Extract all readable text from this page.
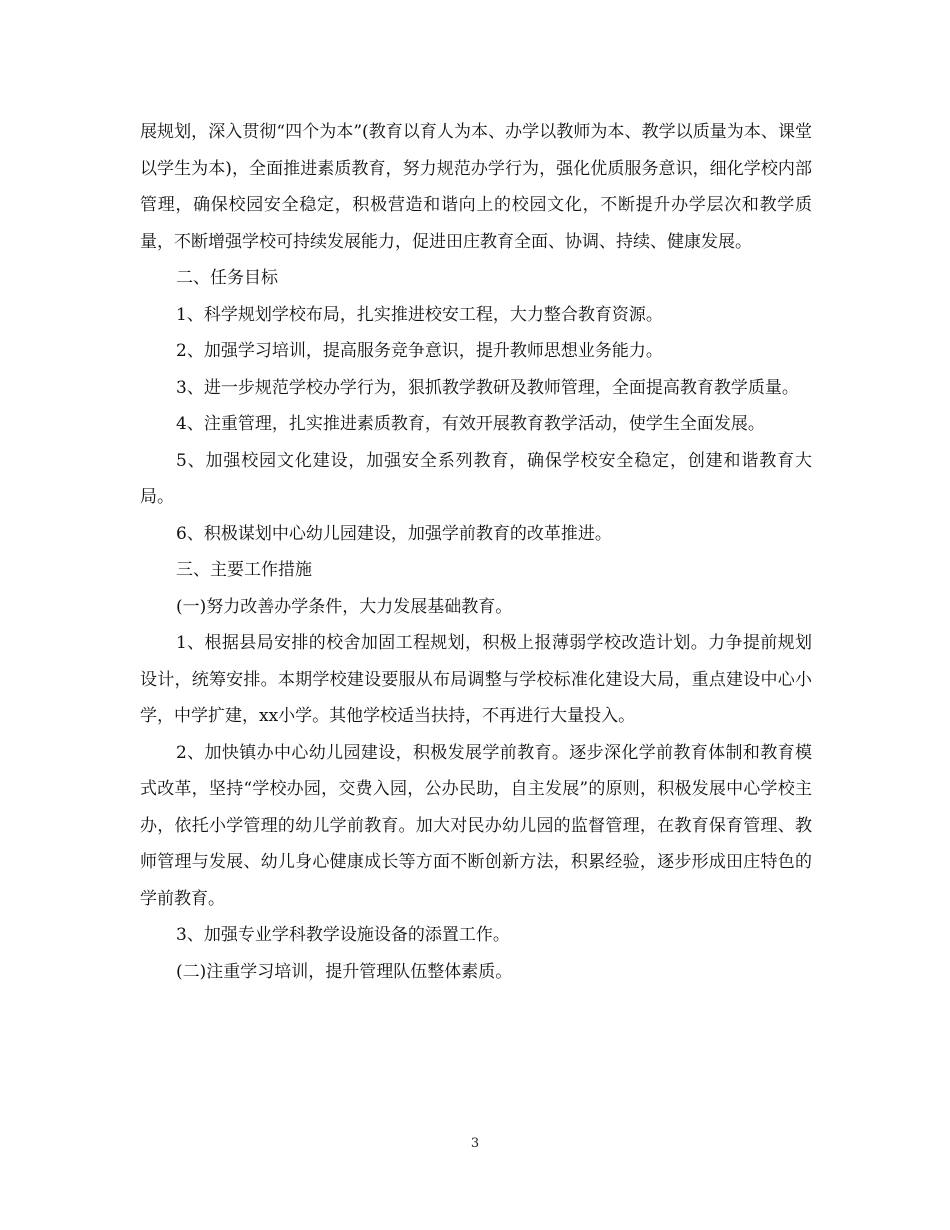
展规划，深入贯彻“四个为本”(教育以育人为本、办学以教师为本、教学以质量为本、课堂以学生为本)，全面推进素质教育，努力规范办学行为，强化优质服务意识，细化学校内部管理，确保校园安全稳定，积极营造和谐向上的校园文化，不断提升办学层次和教学质量，不断增强学校可持续发展能力，促进田庄教育全面、协调、持续、健康发展。

二、任务目标

1、科学规划学校布局，扎实推进校安工程，大力整合教育资源。

2、加强学习培训，提高服务竞争意识，提升教师思想业务能力。

3、进一步规范学校办学行为，狠抓教学教研及教师管理，全面提高教育教学质量。

4、注重管理，扎实推进素质教育，有效开展教育教学活动，使学生全面发展。

5、加强校园文化建设，加强安全系列教育，确保学校安全稳定，创建和谐教育大局。

6、积极谋划中心幼儿园建设，加强学前教育的改革推进。

三、主要工作措施

(一)努力改善办学条件，大力发展基础教育。

1、根据县局安排的校舍加固工程规划，积极上报薄弱学校改造计划。力争提前规划设计，统筹安排。本期学校建设要服从布局调整与学校标准化建设大局，重点建设中心小学，中学扩建，xx小学。其他学校适当扶持，不再进行大量投入。

2、加快镇办中心幼儿园建设，积极发展学前教育。逐步深化学前教育体制和教育模式改革，坚持“学校办园，交费入园，公办民助，自主发展”的原则，积极发展中心学校主办，依托小学管理的幼儿学前教育。加大对民办幼儿园的监督管理，在教育保育管理、教师管理与发展、幼儿身心健康成长等方面不断创新方法，积累经验，逐步形成田庄特色的学前教育。

3、加强专业学科教学设施设备的添置工作。

(二)注重学习培训，提升管理队伍整体素质。

3
